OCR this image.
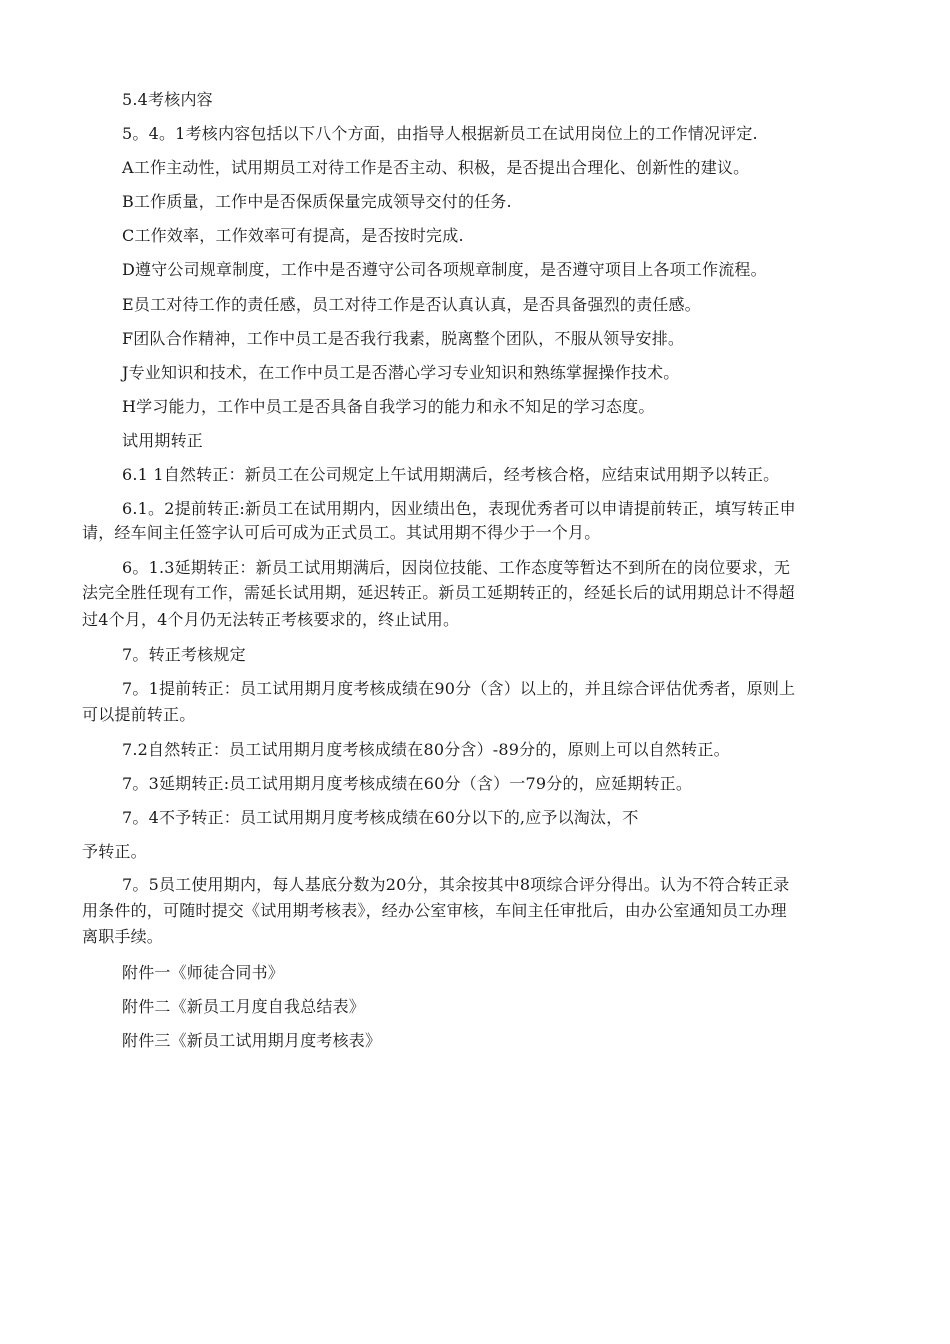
5.4考核内容
5。4。1考核内容包括以下八个方面，由指导人根据新员工在试用岗位上的工作情况评定.
A工作主动性，试用期员工对待工作是否主动、积极，是否提出合理化、创新性的建议。
B工作质量，工作中是否保质保量完成领导交付的任务.
C工作效率，工作效率可有提高，是否按时完成.
D遵守公司规章制度，工作中是否遵守公司各项规章制度，是否遵守项目上各项工作流程。
E员工对待工作的责任感，员工对待工作是否认真认真，是否具备强烈的责任感。
F团队合作精神，工作中员工是否我行我素，脱离整个团队，不服从领导安排。
J专业知识和技术，在工作中员工是否潜心学习专业知识和熟练掌握操作技术。
H学习能力，工作中员工是否具备自我学习的能力和永不知足的学习态度。
试用期转正
6.1 1自然转正：新员工在公司规定上午试用期满后，经考核合格，应结束试用期予以转正。
6.1。2提前转正:新员工在试用期内，因业绩出色，表现优秀者可以申请提前转正，填写转正申
请，经车间主任签字认可后可成为正式员工。其试用期不得少于一个月。
6。1.3延期转正：新员工试用期满后，因岗位技能、工作态度等暂达不到所在的岗位要求，无
法完全胜任现有工作，需延长试用期，延迟转正。新员工延期转正的，经延长后的试用期总计不得超
过4个月，4个月仍无法转正考核要求的，终止试用。
7。转正考核规定
7。1提前转正：员工试用期月度考核成绩在90分（含）以上的，并且综合评估优秀者，原则上
可以提前转正。
7.2自然转正：员工试用期月度考核成绩在80分含）-89分的，原则上可以自然转正。
7。3延期转正:员工试用期月度考核成绩在60分（含）一79分的，应延期转正。
7。4不予转正：员工试用期月度考核成绩在60分以下的,应予以淘汰，不
予转正。
7。5员工使用期内，每人基底分数为20分，其余按其中8项综合评分得出。认为不符合转正录
用条件的，可随时提交《试用期考核表》，经办公室审核，车间主任审批后，由办公室通知员工办理
离职手续。
附件一《师徒合同书》
附件二《新员工月度自我总结表》
附件三《新员工试用期月度考核表》
